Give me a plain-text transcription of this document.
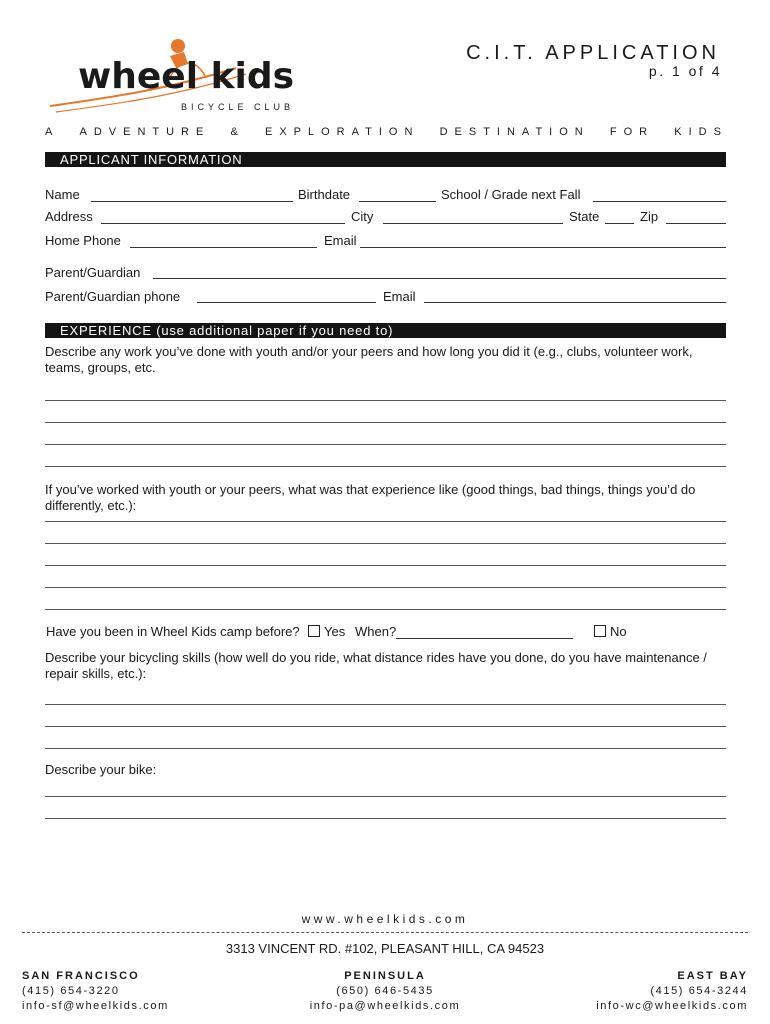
wheel kids
BICYCLE CLUB
C.I.T. APPLICATION
p. 1 of 4
A ADVENTURE & EXPLORATION DESTINATION FOR KIDS
APPLICANT INFORMATION
Name	Birthdate	School / Grade next Fall
Address	City	State	Zip
Home Phone	Email
Parent/Guardian
Parent/Guardian phone	Email
EXPERIENCE (use additional paper if you need to)
Describe any work you’ve done with youth and/or your peers and how long you did it (e.g., clubs, volunteer work, teams, groups, etc.
If you’ve worked with youth or your peers, what was that experience like (good things, bad things, things you’d do differently, etc.):
Have you been in Wheel Kids camp before?	Yes When?	No
Describe your bicycling skills (how well do you ride, what distance rides have you done, do you have maintenance / repair skills, etc.):
Describe your bike:
www.wheelkids.com
3313 VINCENT RD. #102, PLEASANT HILL, CA 94523
SAN FRANCISCO
(415) 654-3220
info-sf@wheelkids.com
PENINSULA
(650) 646-5435
info-pa@wheelkids.com
EAST BAY
(415) 654-3244
info-wc@wheelkids.com
